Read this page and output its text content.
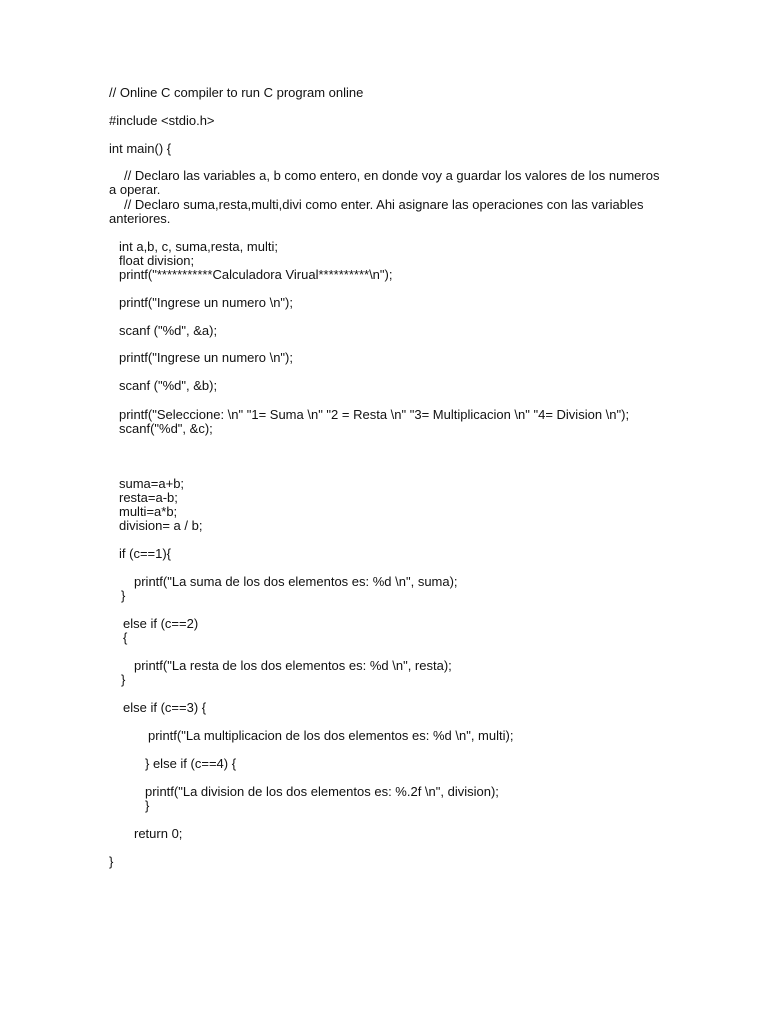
// Online C compiler to run C program online
#include <stdio.h>
int main() {
// Declaro las variables a, b como entero, en donde voy a guardar los valores de los numeros
a operar.
// Declaro suma,resta,multi,divi como enter. Ahi asignare las operaciones con las variables
anteriores.
int a,b, c, suma,resta, multi;
float division;
printf("***********Calculadora Virual**********\n");
printf("Ingrese un numero \n");
scanf ("%d", &a);
printf("Ingrese un numero \n");
scanf ("%d", &b);
printf("Seleccione: \n" "1= Suma \n" "2 = Resta \n" "3= Multiplicacion \n" "4= Division \n");
scanf("%d", &c);
suma=a+b;
resta=a-b;
multi=a*b;
division= a / b;
if (c==1){
printf("La suma de los dos elementos es: %d \n", suma);
}
else if (c==2)
{
printf("La resta de los dos elementos es: %d \n", resta);
}
else if (c==3) {
printf("La multiplicacion de los dos elementos es: %d \n", multi);
} else if (c==4) {
printf("La division de los dos elementos es: %.2f \n", division);
}
return 0;
}
